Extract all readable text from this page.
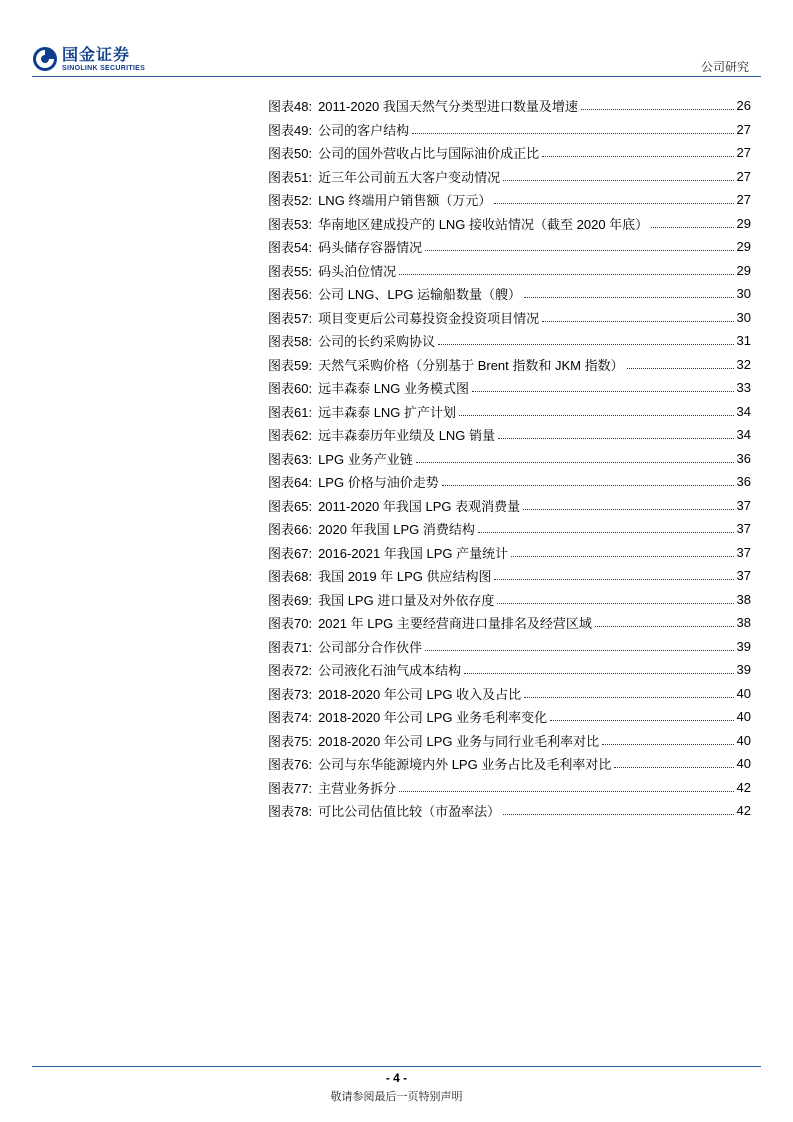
国金证券
SINOLINK SECURITIES	公司研究
图表48: 2011-2020 我国天然气分类型进口数量及增速	26
图表49: 公司的客户结构	27
图表50: 公司的国外营收占比与国际油价成正比	27
图表51: 近三年公司前五大客户变动情况	27
图表52: LNG 终端用户销售额（万元）	27
图表53: 华南地区建成投产的 LNG 接收站情况（截至 2020 年底）	29
图表54: 码头储存容器情况	29
图表55: 码头泊位情况	29
图表56: 公司 LNG、LPG 运输船数量（艘）	30
图表57: 项目变更后公司募投资金投资项目情况	30
图表58: 公司的长约采购协议	31
图表59: 天然气采购价格（分别基于 Brent 指数和 JKM 指数）	32
图表60: 远丰森泰 LNG 业务模式图	33
图表61: 远丰森泰 LNG 扩产计划	34
图表62: 远丰森泰历年业绩及 LNG 销量	34
图表63: LPG 业务产业链	36
图表64: LPG 价格与油价走势	36
图表65: 2011-2020 年我国 LPG 表观消费量	37
图表66: 2020 年我国 LPG 消费结构	37
图表67: 2016-2021 年我国 LPG 产量统计	37
图表68: 我国 2019 年 LPG 供应结构图	37
图表69: 我国 LPG 进口量及对外依存度	38
图表70: 2021 年 LPG 主要经营商进口量排名及经营区域	38
图表71: 公司部分合作伙伴	39
图表72: 公司液化石油气成本结构	39
图表73: 2018-2020 年公司 LPG 收入及占比	40
图表74: 2018-2020 年公司 LPG 业务毛利率变化	40
图表75: 2018-2020 年公司 LPG 业务与同行业毛利率对比	40
图表76: 公司与东华能源境内外 LPG 业务占比及毛利率对比	40
图表77: 主营业务拆分	42
图表78: 可比公司估值比较（市盈率法）	42
- 4 -
敬请参阅最后一页特别声明
